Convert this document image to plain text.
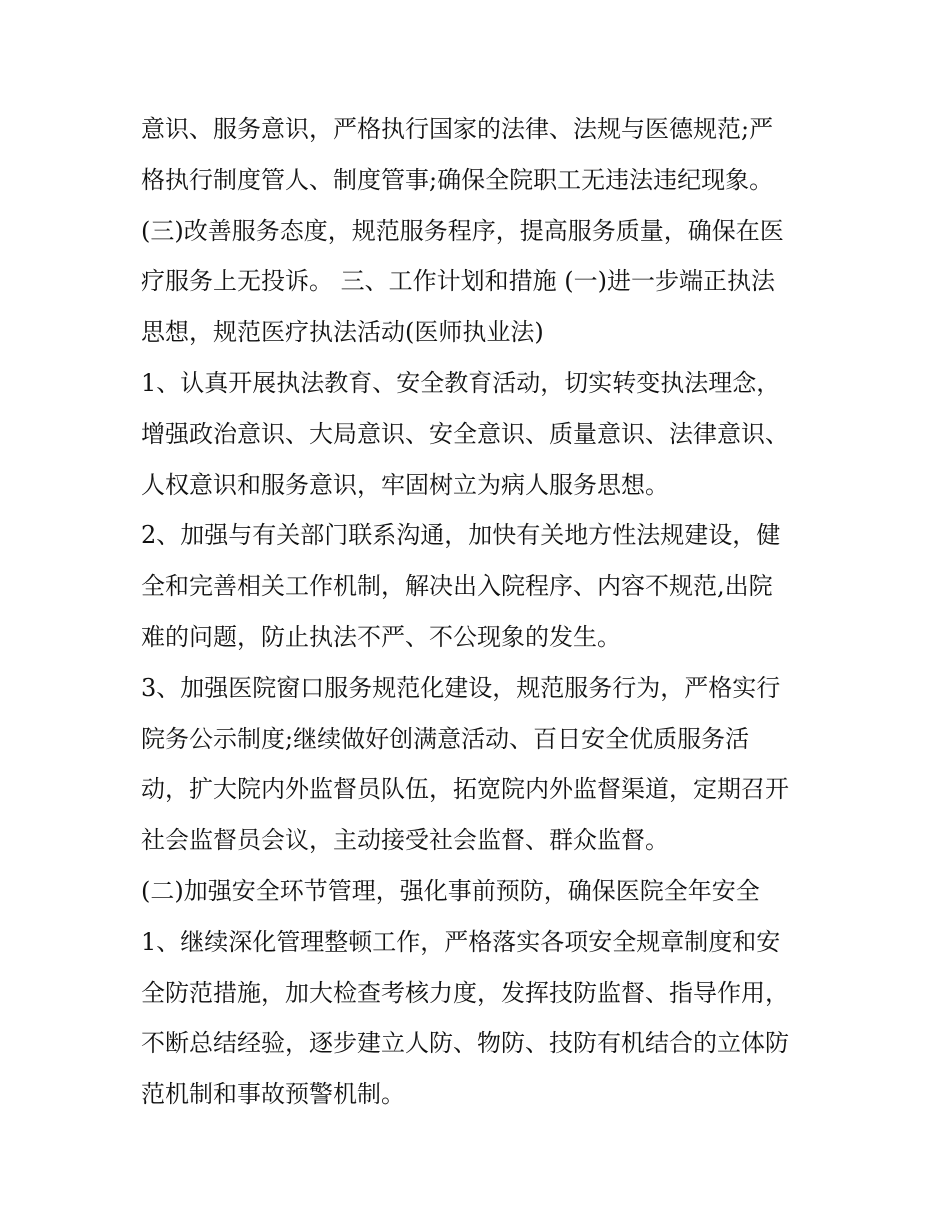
意识、服务意识，严格执行国家的法律、法规与医德规范;严
格执行制度管人、制度管事;确保全院职工无违法违纪现象。
(三)改善服务态度，规范服务程序，提高服务质量，确保在医
疗服务上无投诉。 三、工作计划和措施 (一)进一步端正执法
思想，规范医疗执法活动(医师执业法)
1、认真开展执法教育、安全教育活动，切实转变执法理念，
增强政治意识、大局意识、安全意识、质量意识、法律意识、
人权意识和服务意识，牢固树立为病人服务思想。
2、加强与有关部门联系沟通，加快有关地方性法规建设，健
全和完善相关工作机制，解决出入院程序、内容不规范,出院
难的问题，防止执法不严、不公现象的发生。
3、加强医院窗口服务规范化建设，规范服务行为，严格实行
院务公示制度;继续做好创满意活动、百日安全优质服务活
动，扩大院内外监督员队伍，拓宽院内外监督渠道，定期召开
社会监督员会议，主动接受社会监督、群众监督。
(二)加强安全环节管理，强化事前预防，确保医院全年安全
1、继续深化管理整顿工作，严格落实各项安全规章制度和安
全防范措施，加大检查考核力度，发挥技防监督、指导作用，
不断总结经验，逐步建立人防、物防、技防有机结合的立体防
范机制和事故预警机制。
